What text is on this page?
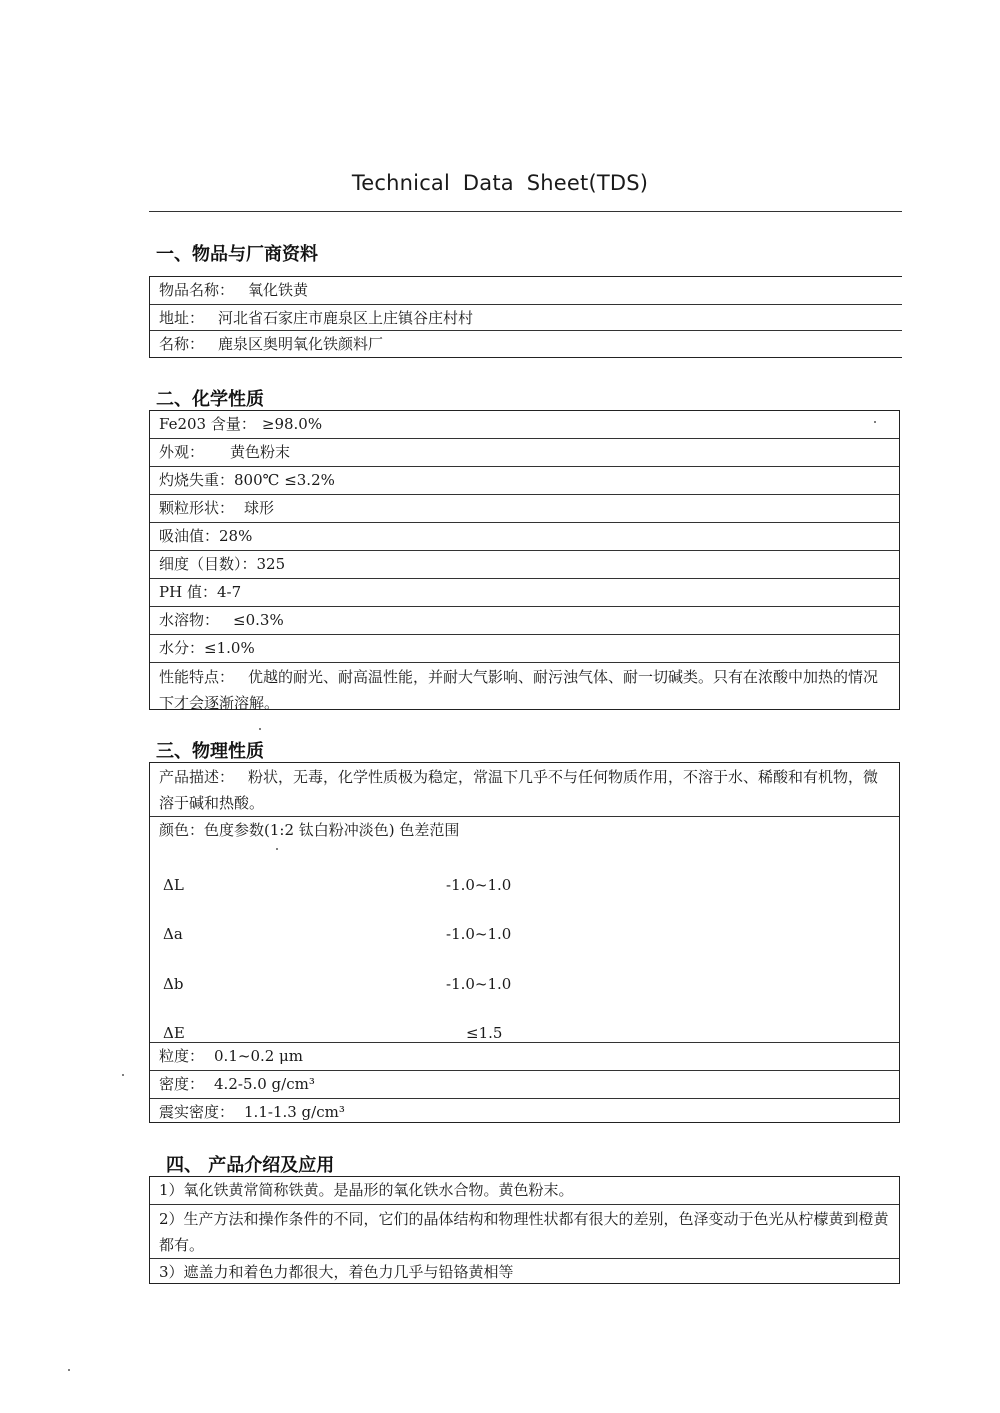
Technical Data Sheet(TDS)
一、物品与厂商资料
物品名称： 氧化铁黄
地址： 河北省石家庄市鹿泉区上庄镇谷庄村村
名称： 鹿泉区奥明氧化铁颜料厂
二、化学性质
Fe203 含量： ≥98.0%
外观： 黄色粉末
灼烧失重：800℃ ≤3.2%
颗粒形状： 球形
吸油值：28%
细度（目数）：325
PH 值：4-7
水溶物： ≤0.3%
水分：≤1.0%
性能特点： 优越的耐光、耐高温性能，并耐大气影响、耐污浊气体、耐一切碱类。只有在浓酸中加热的情况下才会逐渐溶解。
三、物理性质
产品描述： 粉状，无毒，化学性质极为稳定，常温下几乎不与任何物质作用，不溶于水、稀酸和有机物，微溶于碱和热酸。
颜色：色度参数(1:2 钛白粉冲淡色) 色差范围
ΔL	-1.0~1.0
Δa	-1.0~1.0
Δb	-1.0~1.0
ΔE	≤1.5
粒度： 0.1~0.2 μm
密度： 4.2-5.0 g/cm³
震实密度： 1.1-1.3 g/cm³
四、 产品介绍及应用
1）氧化铁黄常简称铁黄。是晶形的氧化铁水合物。黄色粉末。
2）生产方法和操作条件的不同，它们的晶体结构和物理性状都有很大的差别，色泽变动于色光从柠檬黄到橙黄都有。
3）遮盖力和着色力都很大，着色力几乎与铅铬黄相等
